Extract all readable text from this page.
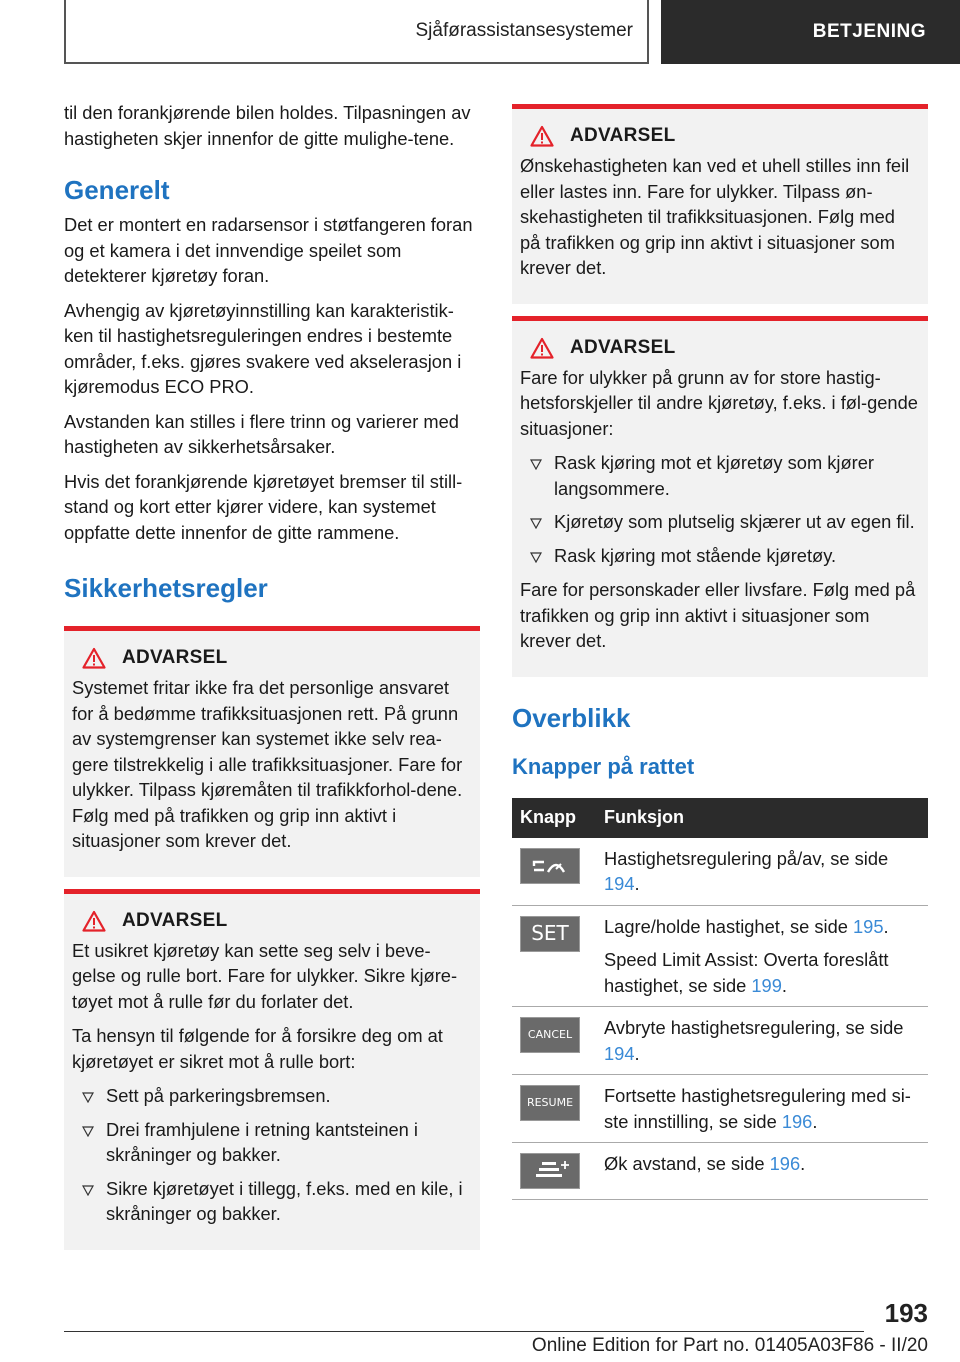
Sjåførassistansesystemer	BETJENING

til den forankjørende bilen holdes. Tilpasningen av hastigheten skjer innenfor de gitte mulighe-tene.

Generelt

Det er montert en radarsensor i støtfangeren foran og et kamera i det innvendige speilet som detekterer kjøretøy foran.

Avhengig av kjøretøyinnstilling kan karakteristik-ken til hastighetsreguleringen endres i bestemte områder, f.eks. gjøres svakere ved akselerasjon i kjøremodus ECO PRO.

Avstanden kan stilles i flere trinn og varierer med hastigheten av sikkerhetsårsaker.

Hvis det forankjørende kjøretøyet bremser til still-stand og kort etter kjører videre, kan systemet oppfatte dette innenfor de gitte rammene.

Sikkerhetsregler
ADVARSEL

Systemet fritar ikke fra det personlige ansvaret for å bedømme trafikksituasjonen rett. På grunn av systemgrenser kan systemet ikke selv rea-gere tilstrekkelig i alle trafikksituasjoner. Fare for ulykker. Tilpass kjøremåten til trafikkforhol-dene. Følg med på trafikken og grip inn aktivt i situasjoner som krever det.

ADVARSEL

Et usikret kjøretøy kan sette seg selv i beve-gelse og rulle bort. Fare for ulykker. Sikre kjøre-tøyet mot å rulle før du forlater det.

Ta hensyn til følgende for å forsikre deg om at kjøretøyet er sikret mot å rulle bort:

Sett på parkeringsbremsen.
Drei framhjulene i retning kantsteinen i skråninger og bakker.
Sikre kjøretøyet i tillegg, f.eks. med en kile, i skråninger og bakker.
ADVARSEL

Ønskehastigheten kan ved et uhell stilles inn feil eller lastes inn. Fare for ulykker. Tilpass øn-skehastigheten til trafikksituasjonen. Følg med på trafikken og grip inn aktivt i situasjoner som krever det.

ADVARSEL

Fare for ulykker på grunn av for store hastig-hetsforskjeller til andre kjøretøy, f.eks. i føl-gende situasjoner:

Rask kjøring mot et kjøretøy som kjører langsommere.
Kjøretøy som plutselig skjærer ut av egen fil.
Rask kjøring mot stående kjøretøy.

Fare for personskader eller livsfare. Følg med på trafikken og grip inn aktivt i situasjoner som krever det.

Overblikk
Knapper på rattet
Knapp	Funksjon

	Hastighetsregulering på/av, se side 194.

SET	Lagre/holde hastighet, se side 195.
Speed Limit Assist: Overta foreslått hastighet, se side 199.

CANCEL	Avbryte hastighetsregulering, se side 194.

RESUME	Fortsette hastighetsregulering med si-ste innstilling, se side 196.

	Øk avstand, se side 196.
193
Online Edition for Part no. 01405A03F86 - II/20
